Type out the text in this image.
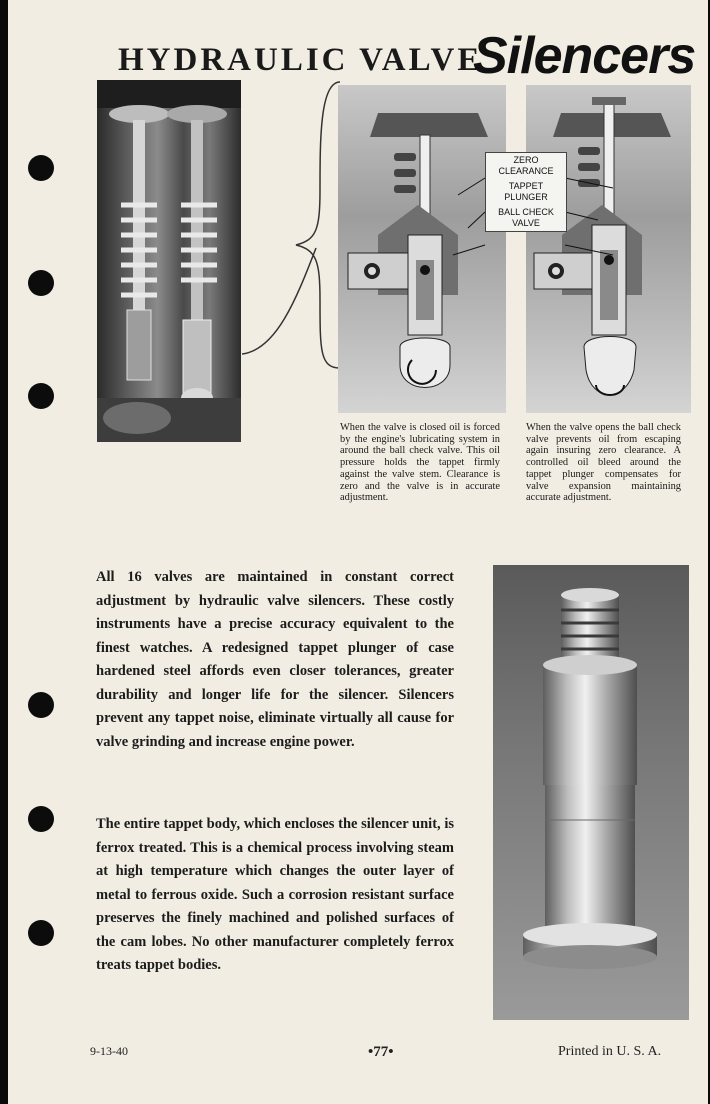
HYDRAULIC VALVE
Silencers
ZERO CLEARANCE
TAPPET PLUNGER
BALL CHECK VALVE
When the valve is closed oil is forced by the engine's lubricating system in around the ball check valve. This oil pressure holds the tappet firmly against the valve stem. Clearance is zero and the valve is in accurate adjustment.
When the valve opens the ball check valve prevents oil from escaping again insuring zero clearance. A controlled oil bleed around the tappet plunger compensates for valve expansion maintaining accurate adjustment.
All 16 valves are maintained in constant correct adjustment by hydraulic valve silencers. These costly instruments have a precise accuracy equivalent to the finest watches. A redesigned tappet plunger of case hardened steel affords even closer tolerances, greater durability and longer life for the silencer. Silencers prevent any tappet noise, eliminate virtually all cause for valve grinding and increase engine power.
The entire tappet body, which encloses the silencer unit, is ferrox treated. This is a chemical process involving steam at high temperature which changes the outer layer of metal to ferrous oxide. Such a corrosion resistant surface preserves the finely machined and polished surfaces of the cam lobes. No other manufacturer completely ferrox treats tappet bodies.
9-13-40	•77•	Printed in U. S. A.
